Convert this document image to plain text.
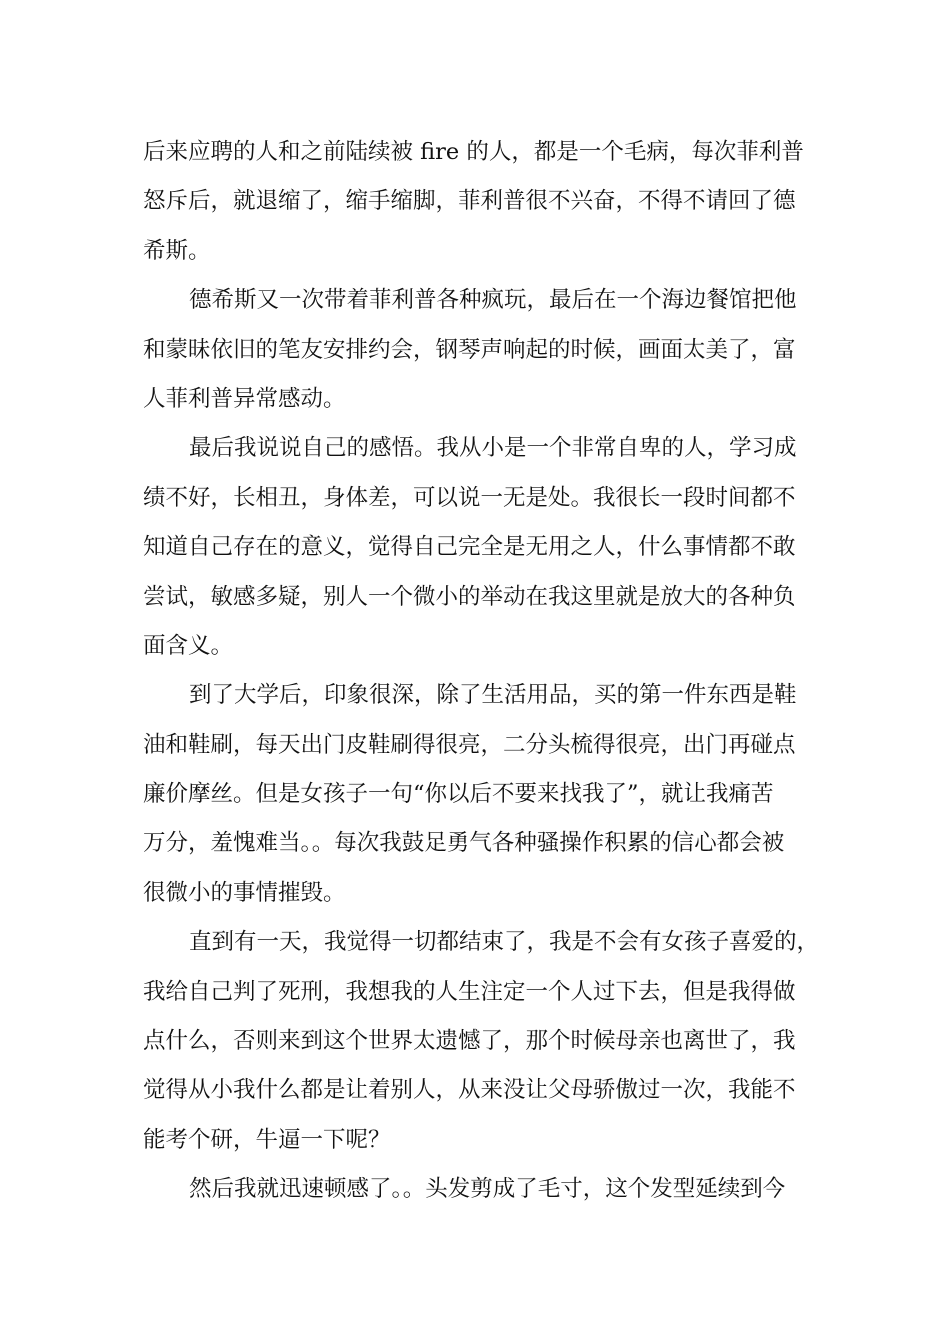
后来应聘的人和之前陆续被 fire 的人，都是一个毛病，每次菲利普
怒斥后，就退缩了，缩手缩脚，菲利普很不兴奋，不得不请回了德
希斯。
德希斯又一次带着菲利普各种疯玩，最后在一个海边餐馆把他
和蒙昧依旧的笔友安排约会，钢琴声响起的时候，画面太美了，富
人菲利普异常感动。
最后我说说自己的感悟。我从小是一个非常自卑的人，学习成
绩不好，长相丑，身体差，可以说一无是处。我很长一段时间都不
知道自己存在的意义，觉得自己完全是无用之人，什么事情都不敢
尝试，敏感多疑，别人一个微小的举动在我这里就是放大的各种负
面含义。
到了大学后，印象很深，除了生活用品，买的第一件东西是鞋
油和鞋刷，每天出门皮鞋刷得很亮，二分头梳得很亮，出门再碰点
廉价摩丝。但是女孩子一句“你以后不要来找我了”，就让我痛苦
万分，羞愧难当。。每次我鼓足勇气各种骚操作积累的信心都会被
很微小的事情摧毁。
直到有一天，我觉得一切都结束了，我是不会有女孩子喜爱的，
我给自己判了死刑，我想我的人生注定一个人过下去，但是我得做
点什么，否则来到这个世界太遗憾了，那个时候母亲也离世了，我
觉得从小我什么都是让着别人，从来没让父母骄傲过一次，我能不
能考个研，牛逼一下呢？
然后我就迅速顿感了。。头发剪成了毛寸，这个发型延续到今
